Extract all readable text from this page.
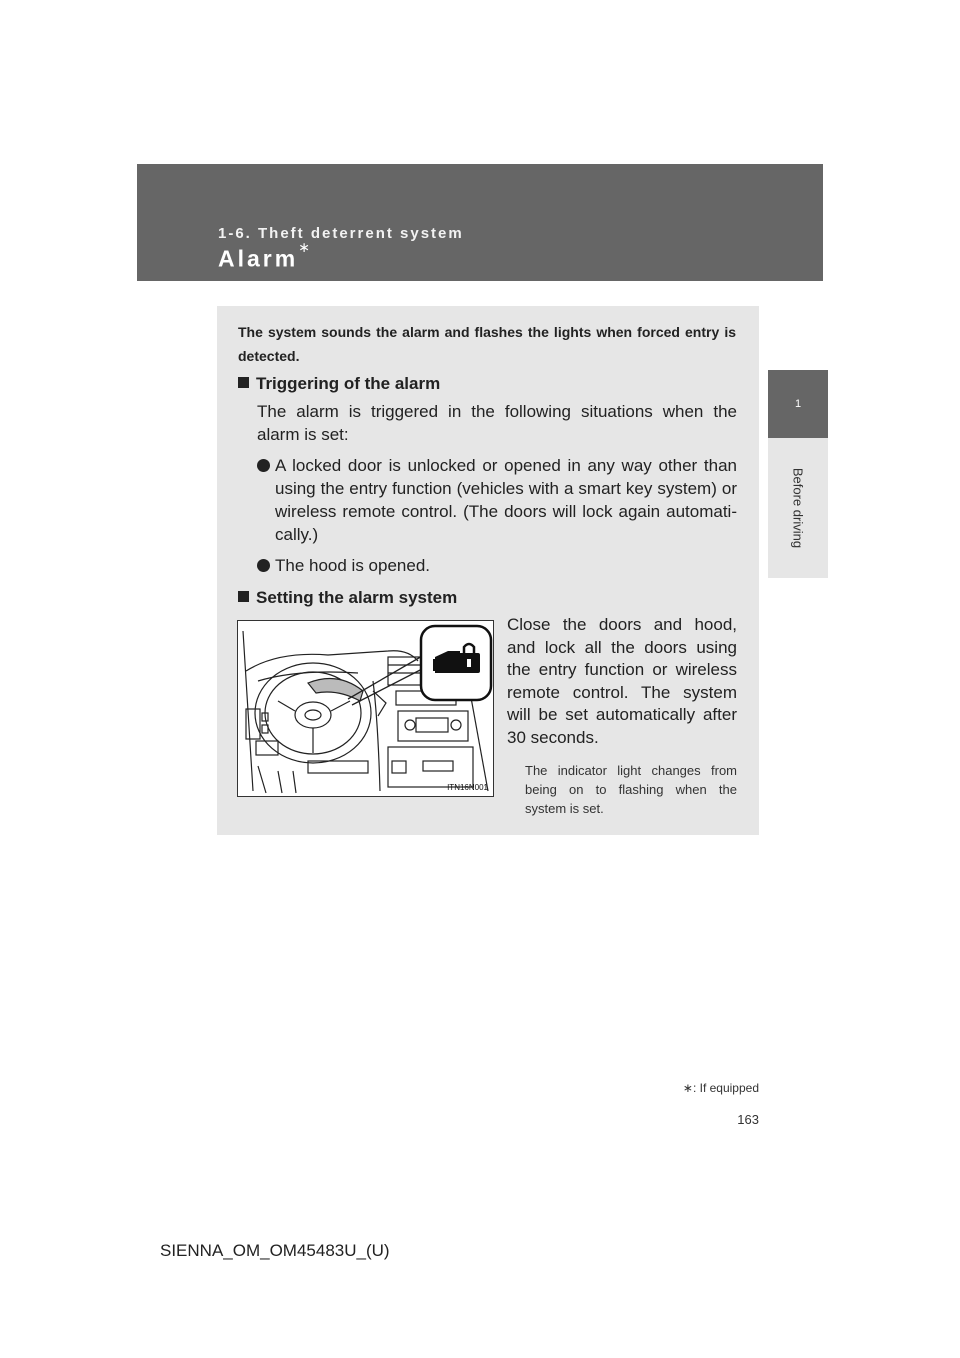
1-6. Theft deterrent system
Alarm∗
1
Before driving
The system sounds the alarm and flashes the lights when forced entry is detected.
Triggering of the alarm
The alarm is triggered in the following situations when the alarm is set:
A locked door is unlocked or opened in any way other than using the entry function (vehicles with a smart key system) or wireless remote control. (The doors will lock again automati-cally.)
The hood is opened.
Setting the alarm system
ITN16N001
Close the doors and hood, and lock all the doors using the entry function or wireless remote control. The system will be set automatically after 30 seconds.
The indicator light changes from being on to flashing when the system is set.
∗: If equipped
163
SIENNA_OM_OM45483U_(U)
